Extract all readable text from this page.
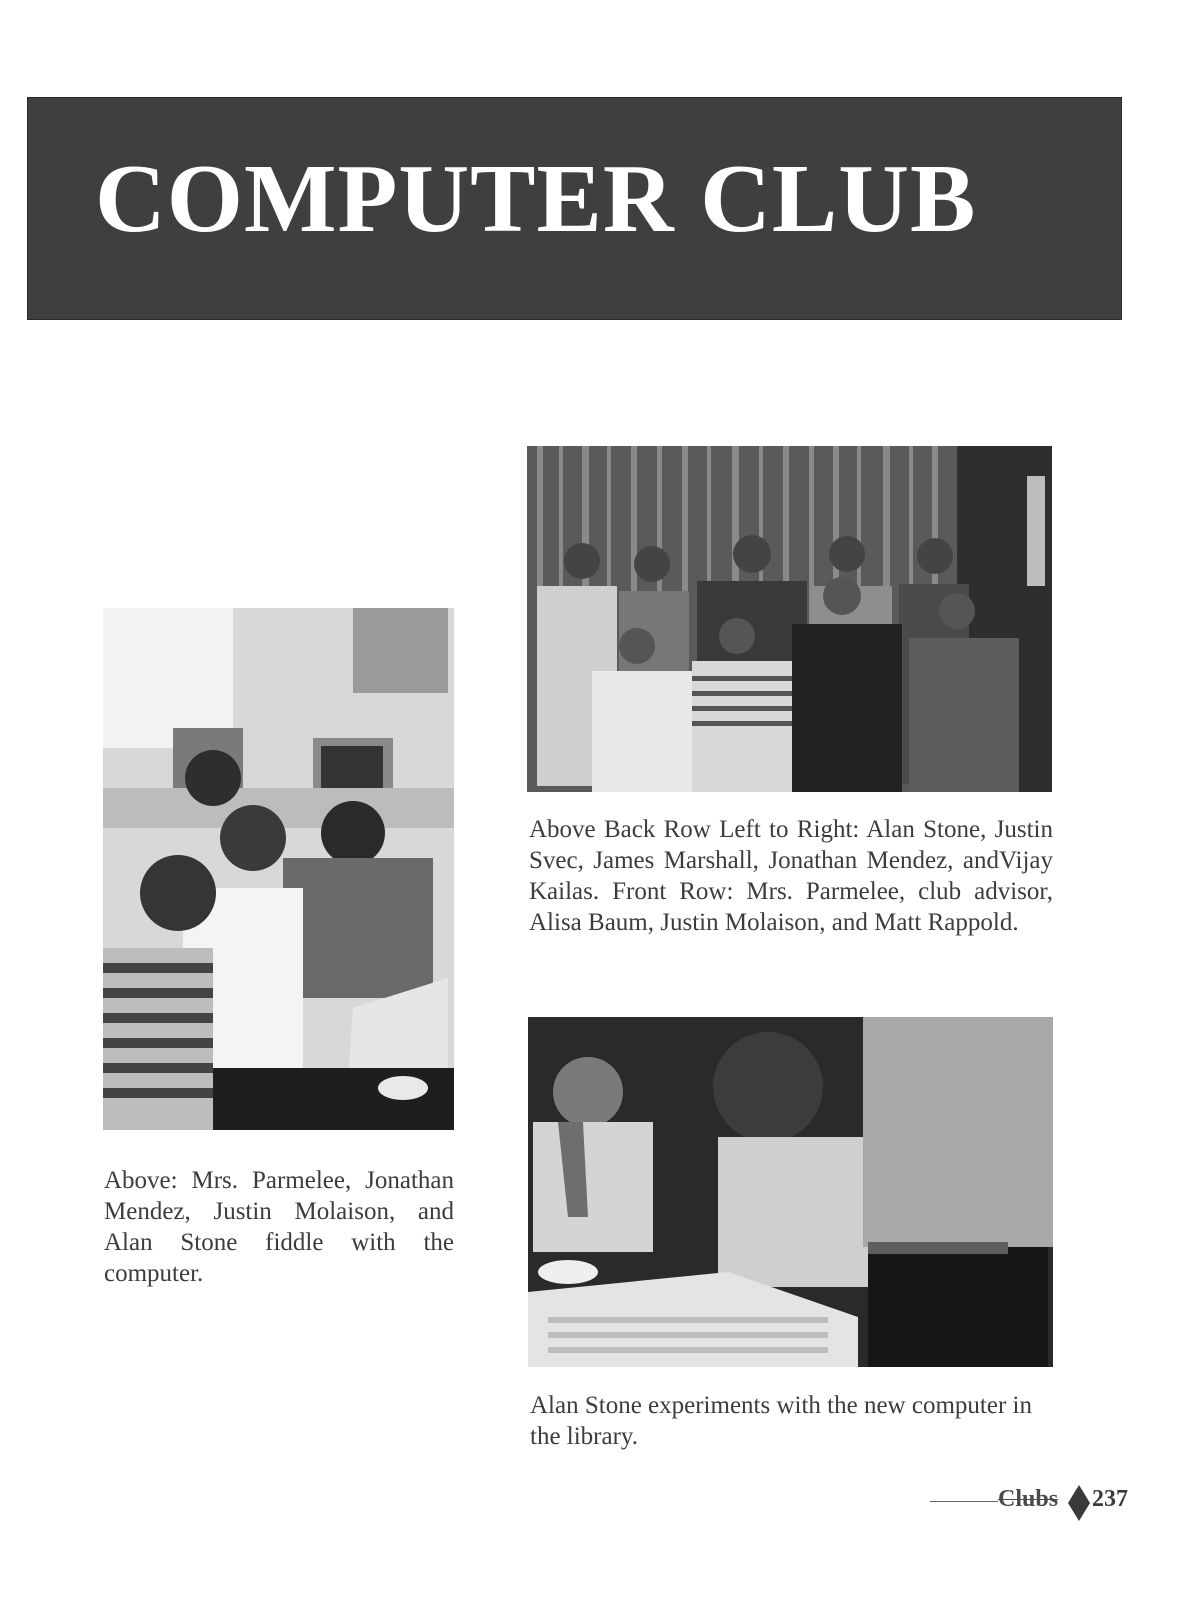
COMPUTER CLUB

Above Back Row Left to Right: Alan Stone, Justin Svec, James Marshall, Jonathan Mendez, andVijay Kailas. Front Row: Mrs. Parmelee, club advisor, Alisa Baum, Justin Molaison, and Matt Rappold.

Above: Mrs. Parmelee, Jonathan Mendez, Justin Molaison, and Alan Stone fiddle with the computer.

Alan Stone experiments with the new computer in the library.

Clubs 237
